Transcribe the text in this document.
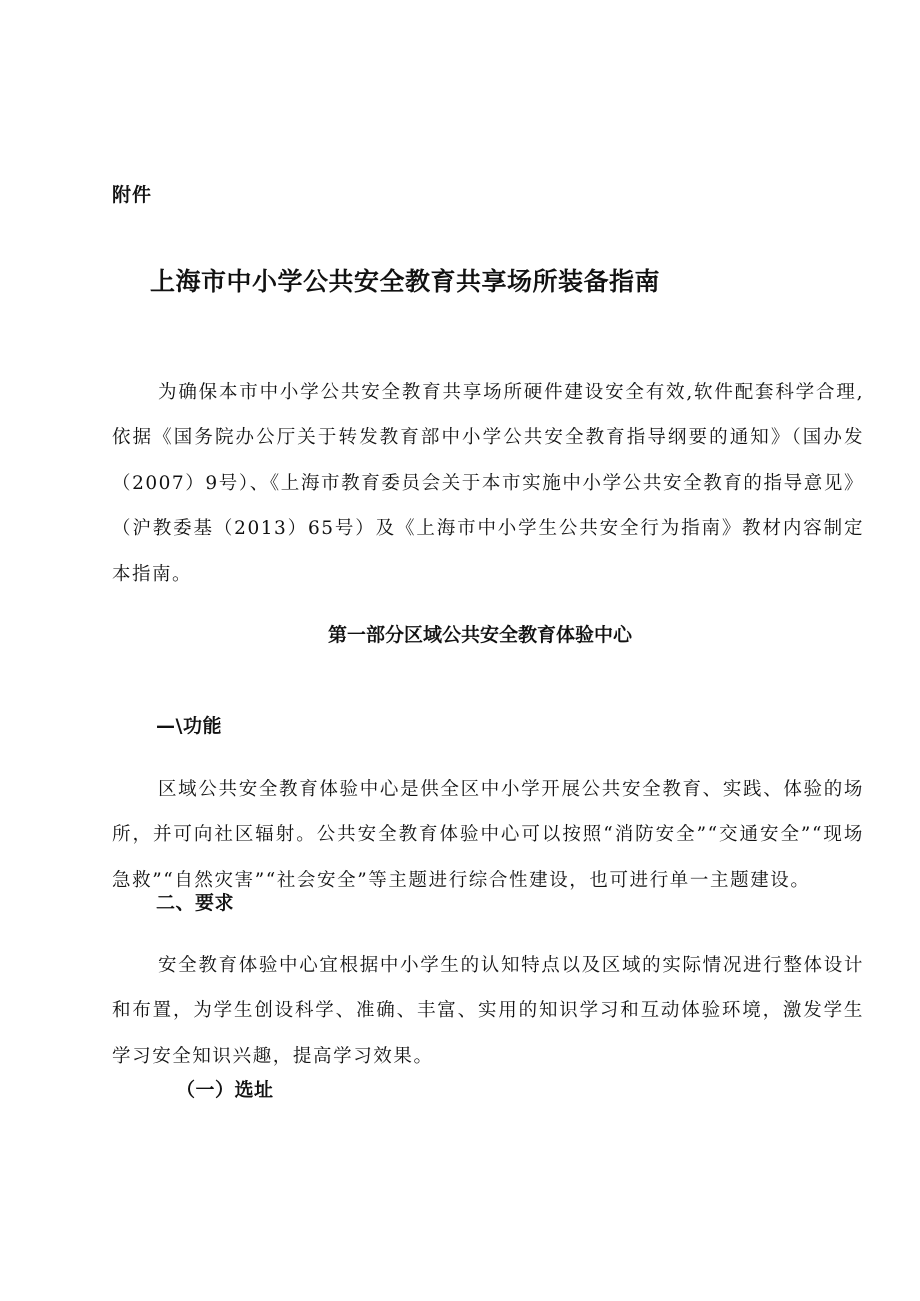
附件
上海市中小学公共安全教育共享场所装备指南

为确保本市中小学公共安全教育共享场所硬件建设安全有效,软件配套科学合理,依据《国务院办公厅关于转发教育部中小学公共安全教育指导纲要的通知》（国办发（2007）9号）、《上海市教育委员会关于本市实施中小学公共安全教育的指导意见》（沪教委基（2013）65号）及《上海市中小学生公共安全行为指南》教材内容制定本指南。

第一部分区域公共安全教育体验中心
—\功能

区域公共安全教育体验中心是供全区中小学开展公共安全教育、实践、体验的场所，并可向社区辐射。公共安全教育体验中心可以按照“消防安全”“交通安全”“现场急救”“自然灾害”“社会安全”等主题进行综合性建设，也可进行单一主题建设。

二、要求

安全教育体验中心宜根据中小学生的认知特点以及区域的实际情况进行整体设计和布置，为学生创设科学、准确、丰富、实用的知识学习和互动体验环境，激发学生学习安全知识兴趣，提高学习效果。

（一）选址
